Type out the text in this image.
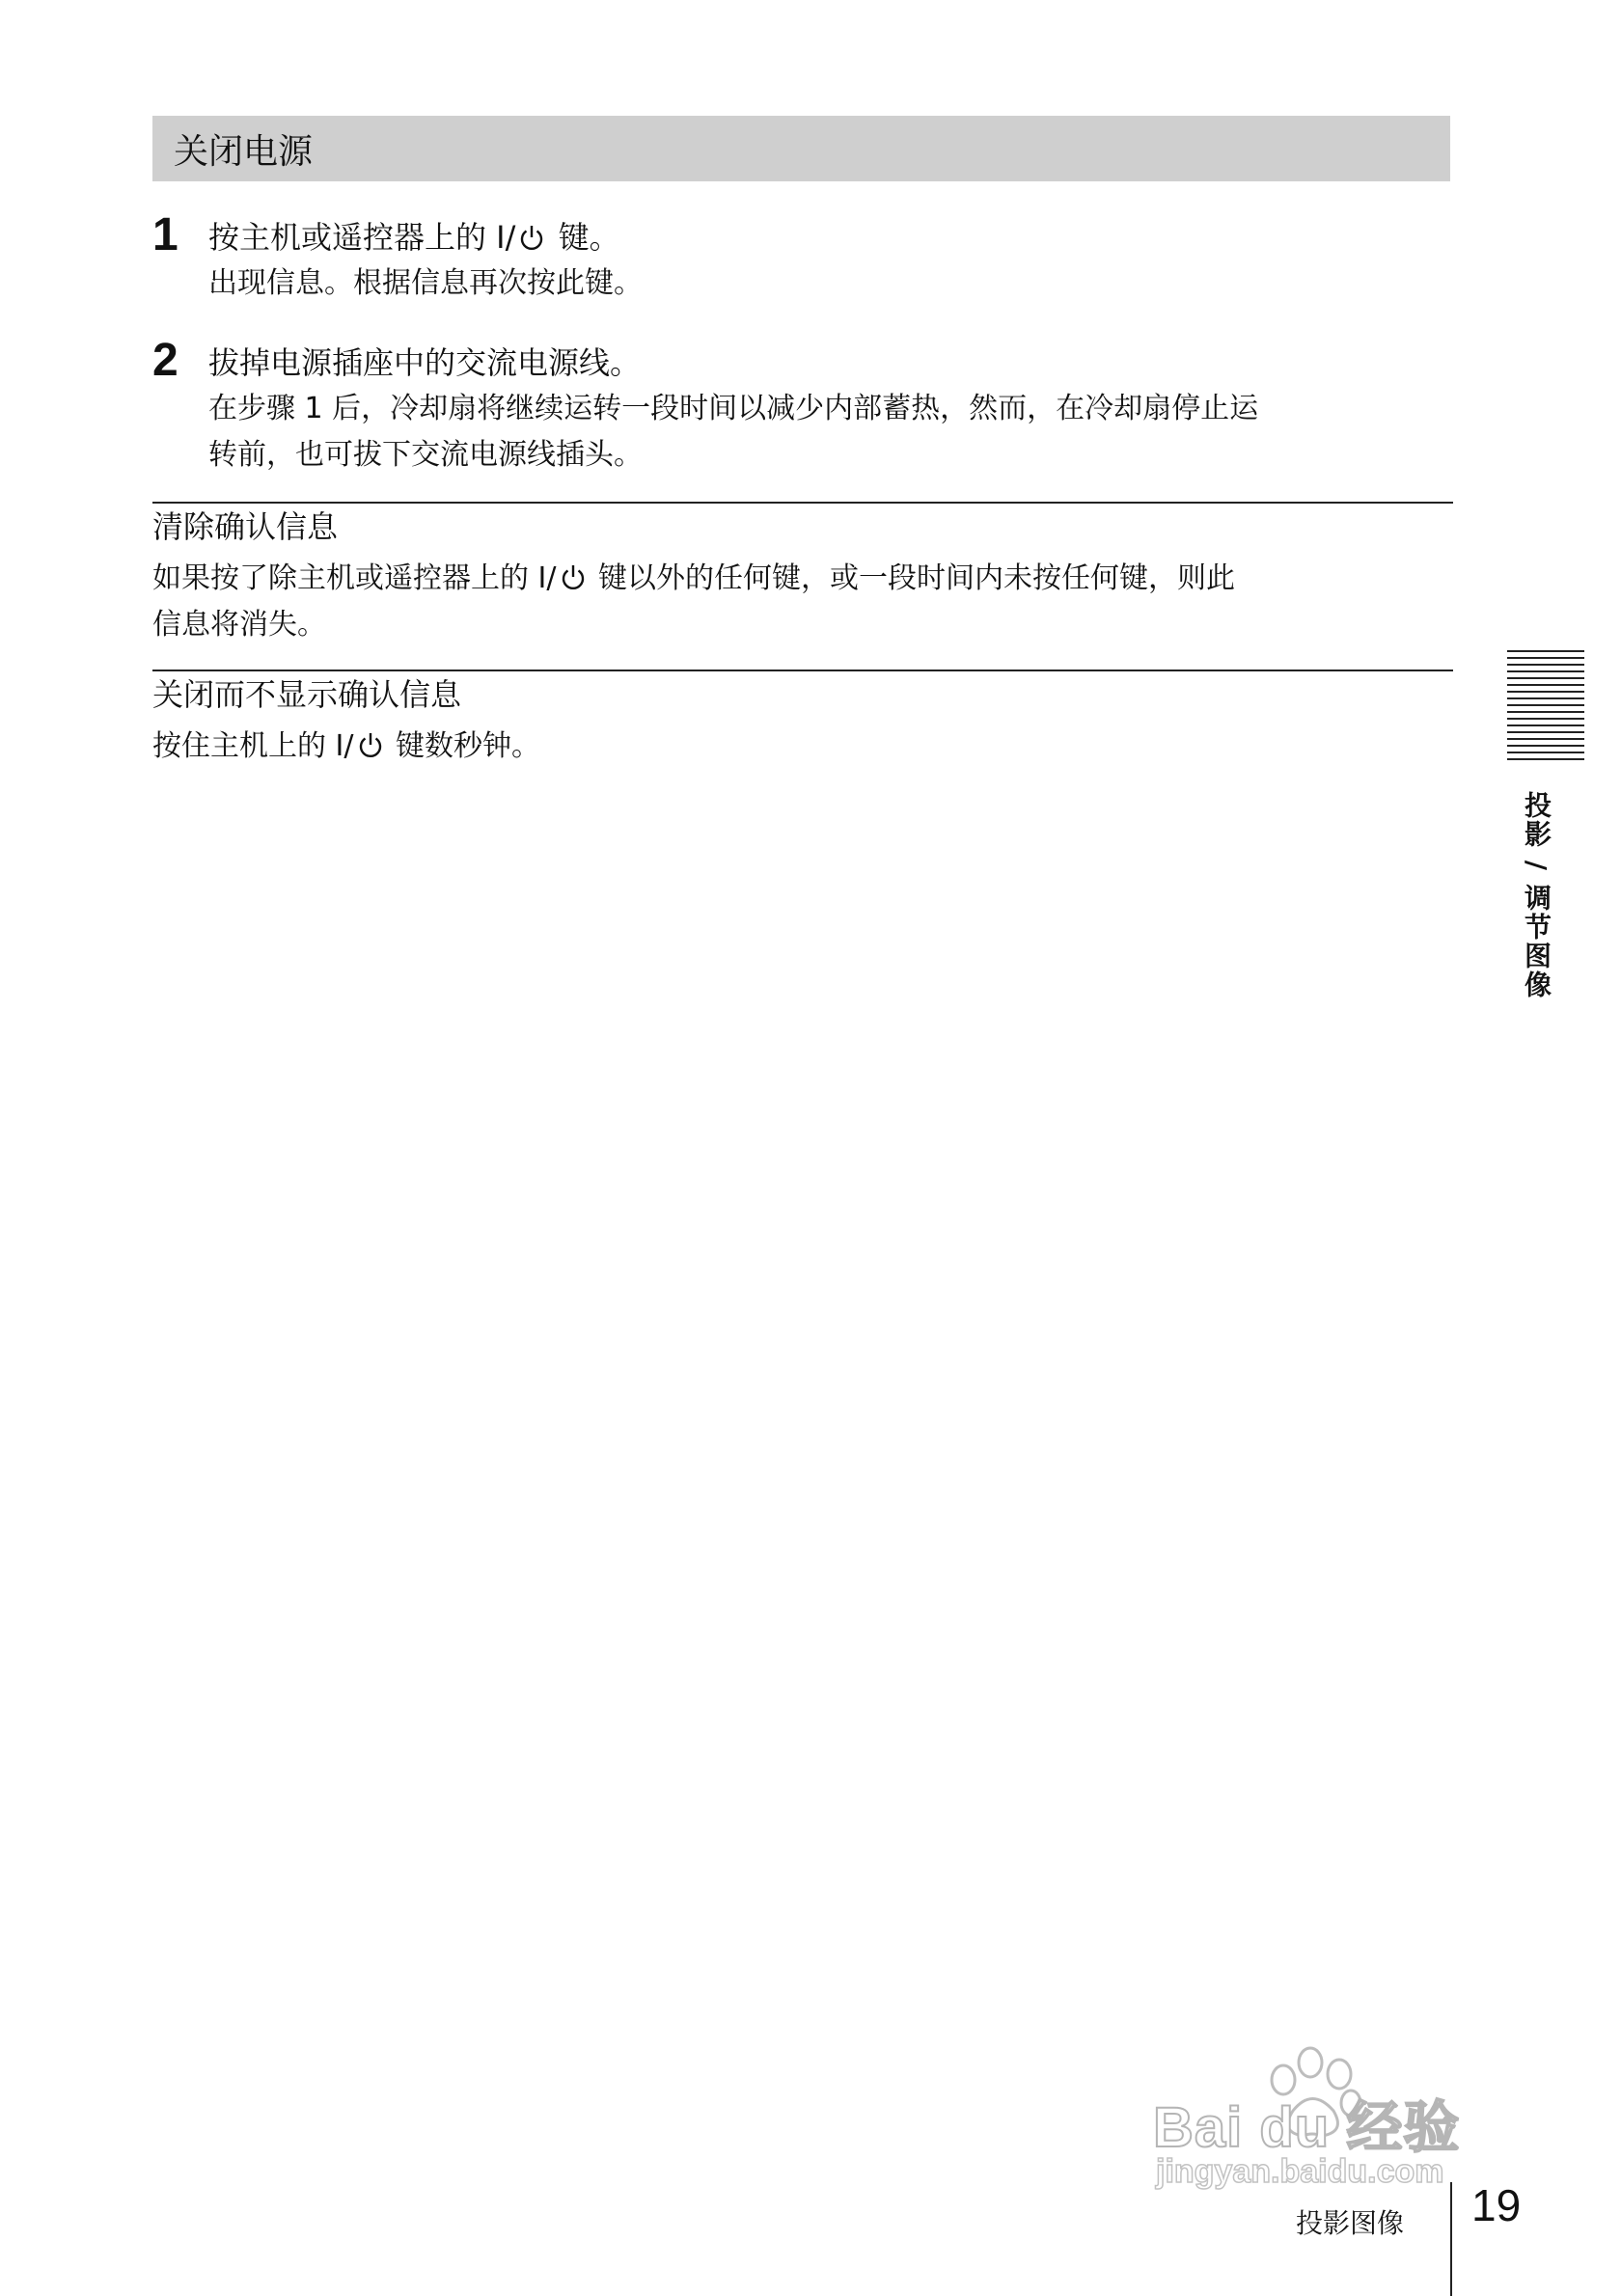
关闭电源
1 按主机或遥控器上的 I/ 键。
出现信息。根据信息再次按此键。
2 拔掉电源插座中的交流电源线。
在步骤 1 后，冷却扇将继续运转一段时间以减少内部蓄热，然而，在冷却扇停止运
转前，也可拔下交流电源线插头。
清除确认信息
如果按了除主机或遥控器上的 I/ 键以外的任何键，或一段时间内未按任何键，则此
信息将消失。
关闭而不显示确认信息
按住主机上的 I/ 键数秒钟。
投影 / 调节图像
Bai du 经验
jingyan.baidu.com
投影图像 19
